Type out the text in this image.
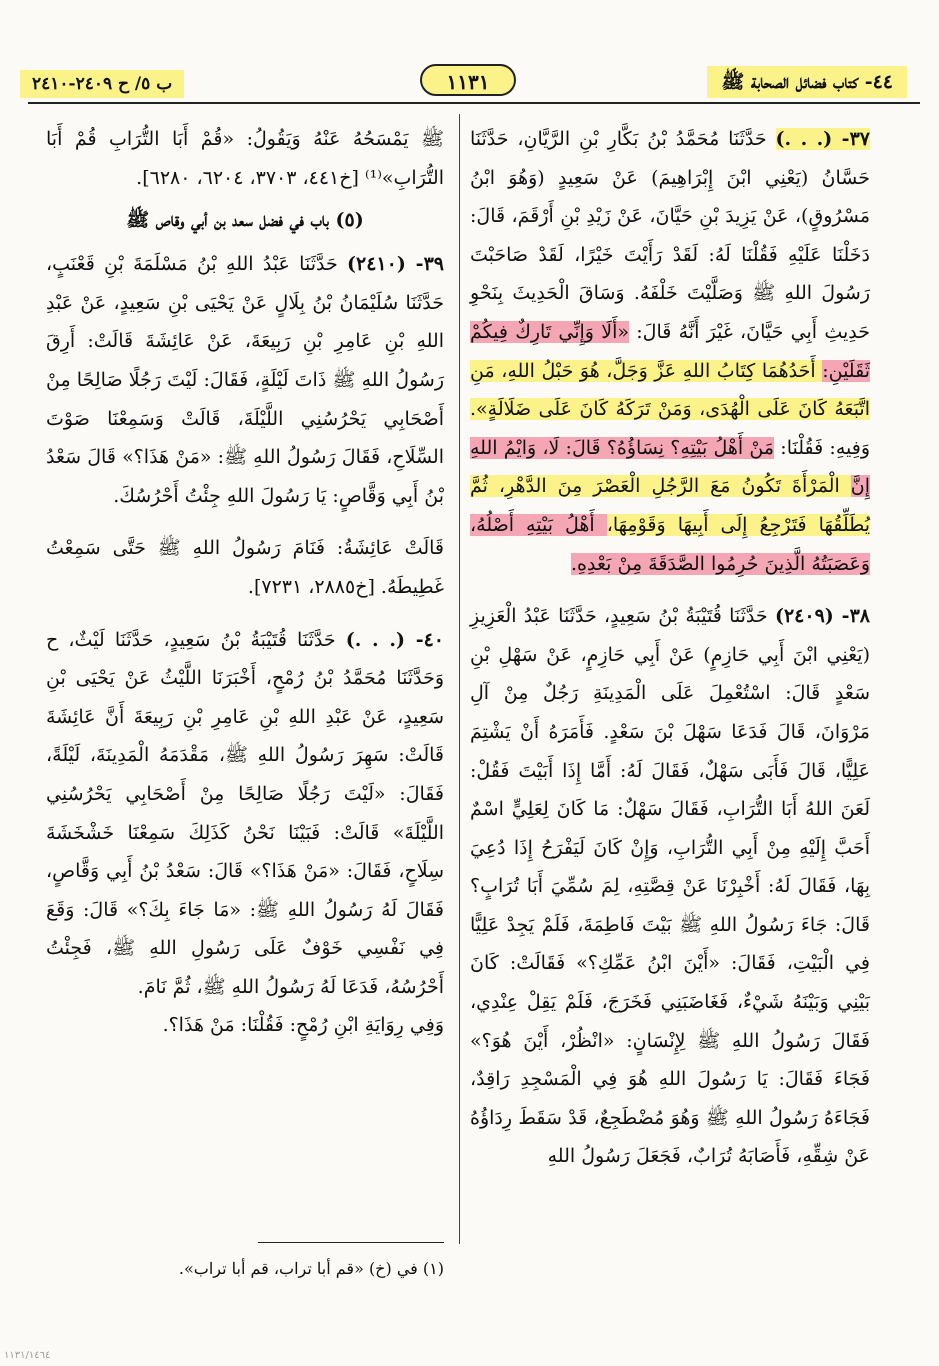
٤٤- كتاب فضائل الصحابة ﷺ
١١٣١
ب ٥/ ح ٢٤٠٩-٢٤١٠

٣٧- (. . .) حَدَّثَنَا مُحَمَّدُ بْنُ بَكَّارِ بْنِ الرَّيَّانِ، حَدَّثَنَا حَسَّانُ (يَعْنِي ابْنَ إِبْرَاهِيمَ) عَنْ سَعِيدٍ (وَهُوَ ابْنُ مَسْرُوقٍ)، عَنْ يَزِيدَ بْنِ حَيَّانَ، عَنْ زَيْدِ بْنِ أَرْقَمَ، قَالَ: دَخَلْنَا عَلَيْهِ فَقُلْنَا لَهُ: لَقَدْ رَأَيْتَ خَيْرًا، لَقَدْ صَاحَبْتَ رَسُولَ اللهِ ﷺ وَصَلَّيْتَ خَلْفَهُ. وَسَاقَ الْحَدِيثَ بِنَحْوِ حَدِيثِ أَبِي حَيَّانَ، غَيْرَ أَنَّهُ قَالَ: «أَلَا وَإِنِّي تَارِكٌ فِيكُمْ ثَقَلَيْنِ: أَحَدُهُمَا كِتَابُ اللهِ عَزَّ وَجَلَّ، هُوَ حَبْلُ اللهِ، مَنِ اتَّبَعَهُ كَانَ عَلَى الْهُدَى، وَمَنْ تَرَكَهُ كَانَ عَلَى ضَلَالَةٍ». وَفِيهِ: فَقُلْنَا: مَنْ أَهْلُ بَيْتِهِ؟ نِسَاؤُهُ؟ قَالَ: لَا، وَايْمُ اللهِ إِنَّ الْمَرْأَةَ تَكُونُ مَعَ الرَّجُلِ الْعَصْرَ مِنَ الدَّهْرِ، ثُمَّ يُطَلِّقُهَا فَتَرْجِعُ إِلَى أَبِيهَا وَقَوْمِهَا، أَهْلُ بَيْتِهِ أَصْلُهُ، وَعَصَبَتُهُ الَّذِينَ حُرِمُوا الصَّدَقَةَ مِنْ بَعْدِهِ.

٣٨- (٢٤٠٩) حَدَّثَنَا قُتَيْبَةُ بْنُ سَعِيدٍ، حَدَّثَنَا عَبْدُ الْعَزِيزِ (يَعْنِي ابْنَ أَبِي حَازِمٍ) عَنْ أَبِي حَازِمٍ، عَنْ سَهْلِ بْنِ سَعْدٍ قَالَ: اسْتُعْمِلَ عَلَى الْمَدِينَةِ رَجُلٌ مِنْ آلِ مَرْوَانَ، قَالَ فَدَعَا سَهْلَ بْنَ سَعْدٍ. فَأَمَرَهُ أَنْ يَشْتِمَ عَلِيًّا، قَالَ فَأَبَى سَهْلٌ، فَقَالَ لَهُ: أَمَّا إِذَا أَبَيْتَ فَقُلْ: لَعَنَ اللهُ أَبَا التُّرَابِ، فَقَالَ سَهْلٌ: مَا كَانَ لِعَلِيٍّ اسْمٌ أَحَبَّ إِلَيْهِ مِنْ أَبِي التُّرَابِ، وَإِنْ كَانَ لَيَفْرَحُ إِذَا دُعِيَ بِهَا، فَقَالَ لَهُ: أَخْبِرْنَا عَنْ قِصَّتِهِ، لِمَ سُمِّيَ أَبَا تُرَابٍ؟ قَالَ: جَاءَ رَسُولُ اللهِ ﷺ بَيْتَ فَاطِمَةَ، فَلَمْ يَجِدْ عَلِيًّا فِي الْبَيْتِ، فَقَالَ: «أَيْنَ ابْنُ عَمِّكِ؟» فَقَالَتْ: كَانَ بَيْنِي وَبَيْنَهُ شَيْءٌ، فَغَاضَبَنِي فَخَرَجَ، فَلَمْ يَقِلْ عِنْدِي، فَقَالَ رَسُولُ اللهِ ﷺ لِإِنْسَانٍ: «انْظُرْ، أَيْنَ هُوَ؟» فَجَاءَ فَقَالَ: يَا رَسُولَ اللهِ هُوَ فِي الْمَسْجِدِ رَاقِدٌ، فَجَاءَهُ رَسُولُ اللهِ ﷺ وَهُوَ مُضْطَجِعٌ، قَدْ سَقَطَ رِدَاؤُهُ عَنْ شِقِّهِ، فَأَصَابَهُ تُرَابٌ، فَجَعَلَ رَسُولُ اللهِ

ﷺ يَمْسَحُهُ عَنْهُ وَيَقُولُ: «قُمْ أَبَا التُّرَابِ قُمْ أَبَا التُّرَابِ»⁽¹⁾ [خ٤٤١، ٣٧٠٣، ٦٢٠٤، ٦٢٨٠].

(٥) باب في فضل سعد بن أبي وقاص ﷺ

٣٩- (٢٤١٠) حَدَّثَنَا عَبْدُ اللهِ بْنُ مَسْلَمَةَ بْنِ قَعْنَبٍ، حَدَّثَنَا سُلَيْمَانُ بْنُ بِلَالٍ عَنْ يَحْيَى بْنِ سَعِيدٍ، عَنْ عَبْدِ اللهِ بْنِ عَامِرِ بْنِ رَبِيعَةَ، عَنْ عَائِشَةَ قَالَتْ: أَرِقَ رَسُولُ اللهِ ﷺ ذَاتَ لَيْلَةٍ، فَقَالَ: لَيْتَ رَجُلًا صَالِحًا مِنْ أَصْحَابِي يَحْرُسُنِي اللَّيْلَةَ، قَالَتْ وَسَمِعْنَا صَوْتَ السِّلَاحِ، فَقَالَ رَسُولُ اللهِ ﷺ: «مَنْ هَذَا؟» قَالَ سَعْدُ بْنُ أَبِي وَقَّاصٍ: يَا رَسُولَ اللهِ جِئْتُ أَحْرُسُكَ.

قَالَتْ عَائِشَةُ: فَنَامَ رَسُولُ اللهِ ﷺ حَتَّى سَمِعْتُ غَطِيطَهُ. [خ٢٨٨٥، ٧٢٣١].

٤٠- (. . .) حَدَّثَنَا قُتَيْبَةُ بْنُ سَعِيدٍ، حَدَّثَنَا لَيْثٌ، ح وَحَدَّثَنَا مُحَمَّدُ بْنُ رُمْحٍ، أَخْبَرَنَا اللَّيْثُ عَنْ يَحْيَى بْنِ سَعِيدٍ، عَنْ عَبْدِ اللهِ بْنِ عَامِرِ بْنِ رَبِيعَةَ أَنَّ عَائِشَةَ قَالَتْ: سَهِرَ رَسُولُ اللهِ ﷺ، مَقْدَمَهُ الْمَدِينَةَ، لَيْلَةً، فَقَالَ: «لَيْتَ رَجُلًا صَالِحًا مِنْ أَصْحَابِي يَحْرُسُنِي اللَّيْلَةَ» قَالَتْ: فَبَيْنَا نَحْنُ كَذَلِكَ سَمِعْنَا خَشْخَشَةَ سِلَاحٍ، فَقَالَ: «مَنْ هَذَا؟» قَالَ: سَعْدُ بْنُ أَبِي وَقَّاصٍ، فَقَالَ لَهُ رَسُولُ اللهِ ﷺ: «مَا جَاءَ بِكَ؟» قَالَ: وَقَعَ فِي نَفْسِي خَوْفٌ عَلَى رَسُولِ اللهِ ﷺ، فَجِئْتُ أَحْرُسُهُ، فَدَعَا لَهُ رَسُولُ اللهِ ﷺ، ثُمَّ نَامَ.

وَفِي رِوَايَةِ ابْنِ رُمْحٍ: فَقُلْنَا: مَنْ هَذَا؟.

(١) في (خ) «قم أبا تراب، قم أبا تراب».
١١٣١/١٤٦٤
